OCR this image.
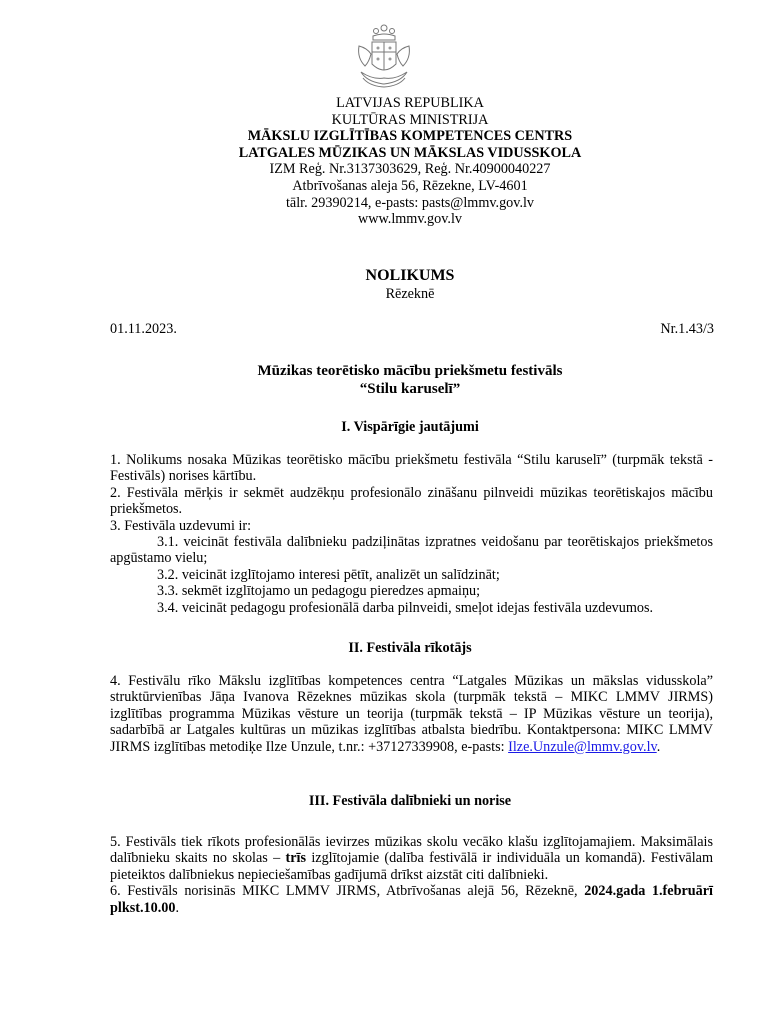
LATVIJAS REPUBLIKA
KULTŪRAS MINISTRIJA
MĀKSLU IZGLĪTĪBAS KOMPETENCES CENTRS
LATGALES MŪZIKAS UN MĀKSLAS VIDUSSKOLA
IZM Reģ. Nr.3137303629, Reģ. Nr.40900040227
Atbrīvošanas aleja 56, Rēzekne, LV-4601
tālr. 29390214, e-pasts: pasts@lmmv.gov.lv
www.lmmv.gov.lv
NOLIKUMS
Rēzeknē
01.11.2023.	Nr.1.43/3
Mūzikas teorētisko mācību priekšmetu festivāls
“Stilu karuselī”
I. Vispārīgie jautājumi

1. Nolikums nosaka Mūzikas teorētisko mācību priekšmetu festivāla “Stilu karuselī” (turpmāk tekstā - Festivāls) norises kārtību.

2. Festivāla mērķis ir sekmēt audzēkņu profesionālo zināšanu pilnveidi mūzikas teorētiskajos mācību priekšmetos.

3. Festivāla uzdevumi ir:

3.1. veicināt festivāla dalībnieku padziļinātas izpratnes veidošanu par teorētiskajos priekšmetos apgūstamo vielu;

3.2. veicināt izglītojamo interesi pētīt, analizēt un salīdzināt;

3.3. sekmēt izglītojamo un pedagogu pieredzes apmaiņu;

3.4. veicināt pedagogu profesionālā darba pilnveidi, smeļot idejas festivāla uzdevumos.

II. Festivāla rīkotājs

4. Festivālu rīko Mākslu izglītības kompetences centra “Latgales Mūzikas un mākslas vidusskola” struktūrvienības Jāņa Ivanova Rēzeknes mūzikas skola (turpmāk tekstā – MIKC LMMV JIRMS) izglītības programma Mūzikas vēsture un teorija (turpmāk tekstā – IP Mūzikas vēsture un teorija), sadarbībā ar Latgales kultūras un mūzikas izglītības atbalsta biedrību. Kontaktpersona: MIKC LMMV JIRMS izglītības metodiķe Ilze Unzule, t.nr.: +37127339908, e-pasts: Ilze.Unzule@lmmv.gov.lv.

III. Festivāla dalībnieki un norise

5. Festivāls tiek rīkots profesionālās ievirzes mūzikas skolu vecāko klašu izglītojamajiem. Maksimālais dalībnieku skaits no skolas – trīs izglītojamie (dalība festivālā ir individuāla un komandā). Festivālam pieteiktos dalībniekus nepieciešamības gadījumā drīkst aizstāt citi dalībnieki.

6. Festivāls norisinās MIKC LMMV JIRMS, Atbrīvošanas alejā 56, Rēzeknē, 2024.gada 1.februārī plkst.10.00.
